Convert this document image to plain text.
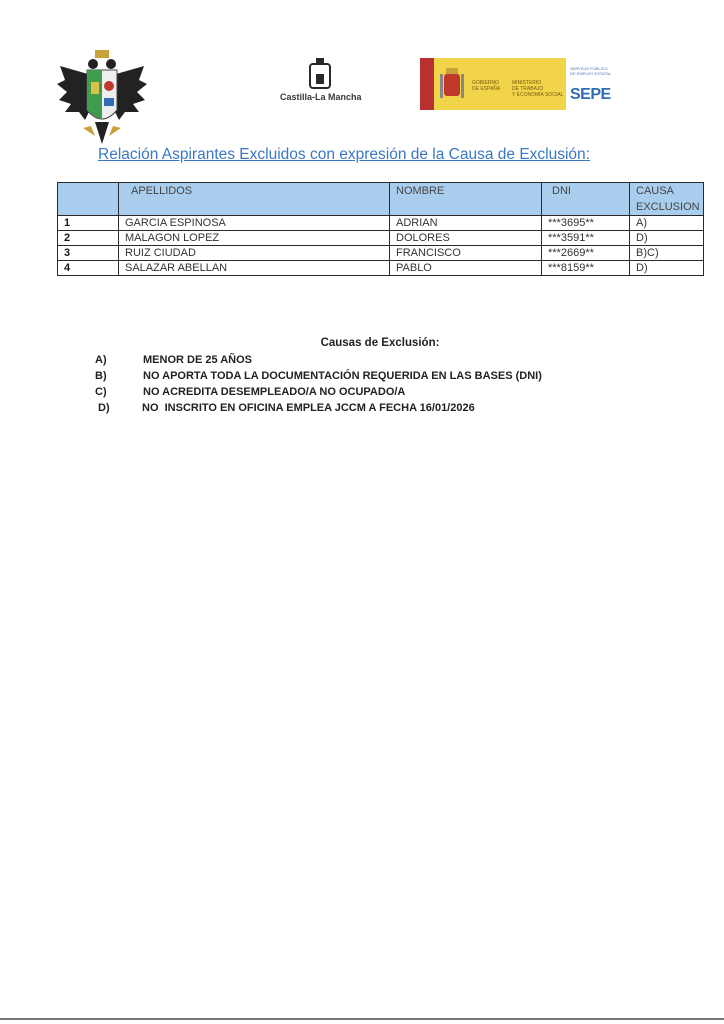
Castilla-La Mancha
GOBIERNO
DE ESPAÑA
MINISTERIO
DE TRABAJO
Y ECONOMÍA SOCIAL
SERVICIO PÚBLICO
DE EMPLEO ESTATAL
SEPE
Relación Aspirantes Excluidos con expresión de la Causa de Exclusión:
	APELLIDOS	NOMBRE	DNI	CAUSA EXCLUSION
1	GARCIA ESPINOSA	ADRIAN	***3695**	A)
2	MALAGON LOPEZ	DOLORES	***3591**	D)
3	RUIZ CIUDAD	FRANCISCO	***2669**	B)C)
4	SALAZAR ABELLAN	PABLO	***8159**	D)
Causas de Exclusión:
A)	MENOR DE 25 AÑOS
B)	NO APORTA TODA LA DOCUMENTACIÓN REQUERIDA EN LAS BASES (DNI)
C)	NO ACREDITA DESEMPLEADO/A NO OCUPADO/A
D)	NO  INSCRITO EN OFICINA EMPLEA JCCM A FECHA 16/01/2026
